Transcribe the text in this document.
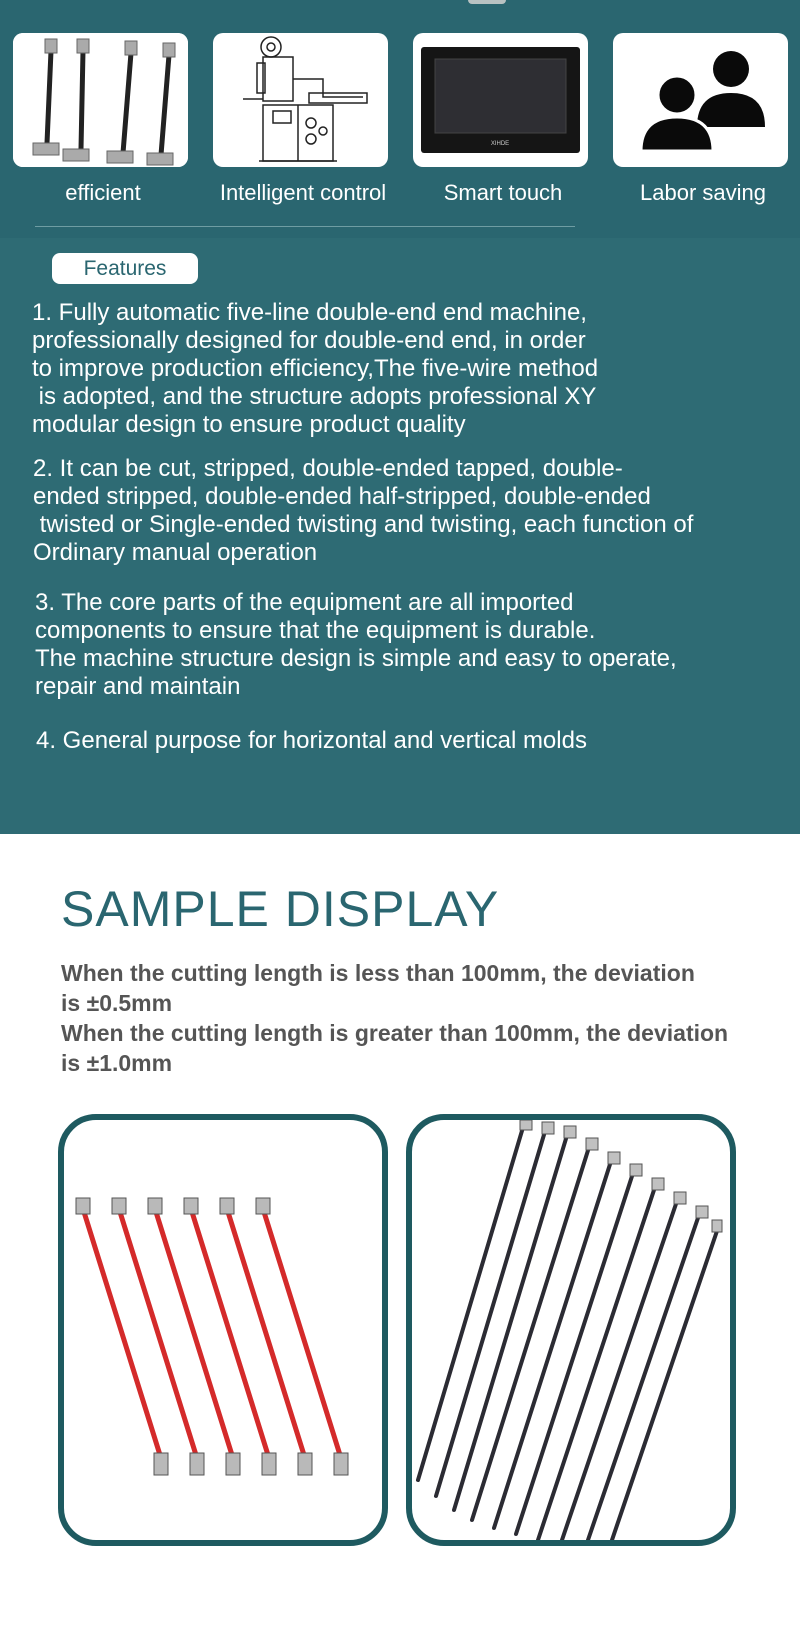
XIHDE
efficient	Intelligent control	Smart touch	Labor saving
Features

1. Fully automatic five-line double-end end machine,
professionally designed for double-end end, in order
to improve production efficiency,The five-wire method
is adopted, and the structure adopts professional XY
modular design to ensure product quality

2. It can be cut, stripped, double-ended tapped, double-
ended stripped, double-ended half-stripped, double-ended
twisted or Single-ended twisting and twisting, each function of
Ordinary manual operation

3. The core parts of the equipment are all imported
components to ensure that the equipment is durable.
The machine structure design is simple and easy to operate,
repair and maintain

4. General purpose for horizontal and vertical molds

SAMPLE DISPLAY

When the cutting length is less than 100mm, the deviation
is ±0.5mm

When the cutting length is greater than 100mm, the deviation
is ±1.0mm
